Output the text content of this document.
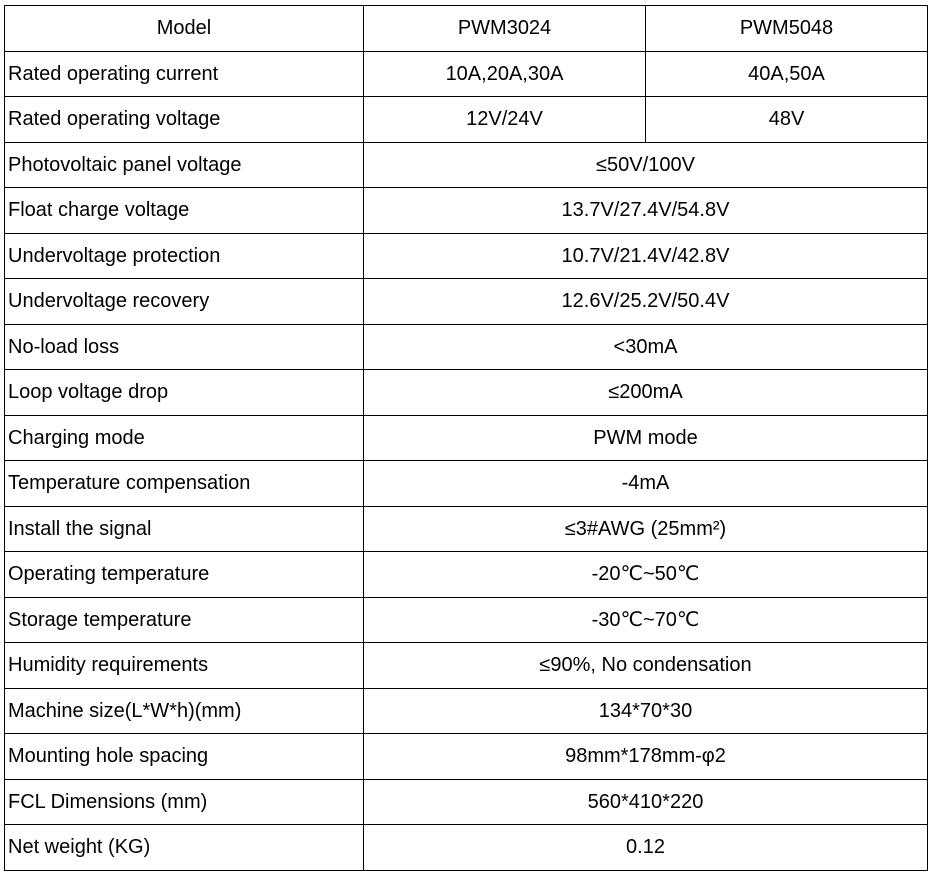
Model	PWM3024	PWM5048
Rated operating current	10A,20A,30A	40A,50A
Rated operating voltage	12V/24V	48V
Photovoltaic panel voltage	≤50V/100V	
Float charge voltage	13.7V/27.4V/54.8V	
Undervoltage protection	10.7V/21.4V/42.8V	
Undervoltage recovery	12.6V/25.2V/50.4V	
No-load loss	<30mA	
Loop voltage drop	≤200mA	
Charging mode	PWM mode	
Temperature compensation	-4mA	
Install the signal	≤3#AWG (25mm²)	
Operating temperature	-20℃~50℃	
Storage temperature	-30℃~70℃	
Humidity requirements	≤90%, No condensation	
Machine size(L*W*h)(mm)	134*70*30	
Mounting hole spacing	98mm*178mm-φ2	
FCL Dimensions (mm)	560*410*220	
Net weight (KG)	0.12	
